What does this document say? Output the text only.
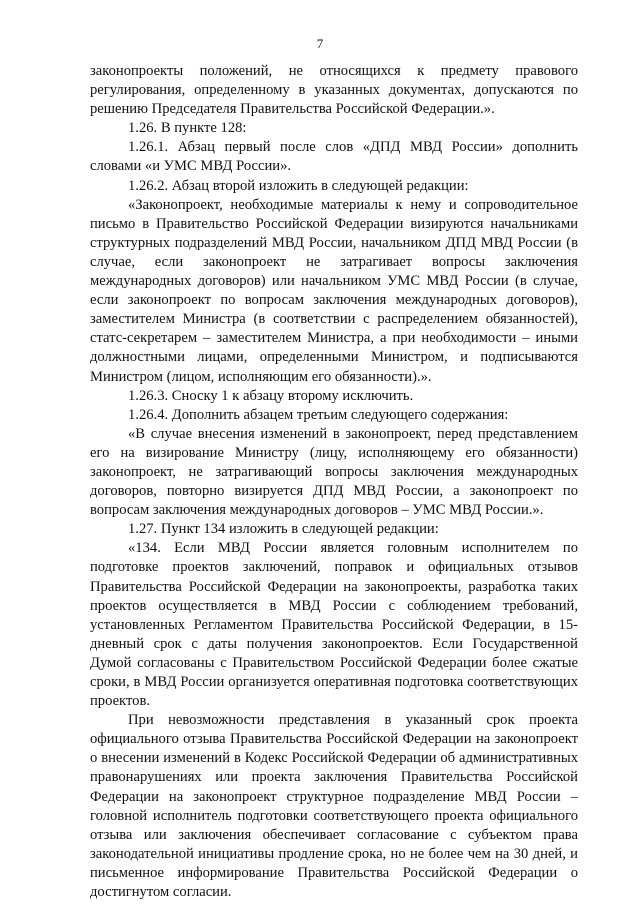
7

законопроекты положений, не относящихся к предмету правового регулирования, определенному в указанных документах, допускаются по решению Председателя Правительства Российской Федерации.».

1.26. В пункте 128:

1.26.1. Абзац первый после слов «ДПД МВД России» дополнить словами «и УМС МВД России».

1.26.2. Абзац второй изложить в следующей редакции:

«Законопроект, необходимые материалы к нему и сопроводительное письмо в Правительство Российской Федерации визируются начальниками структурных подразделений МВД России, начальником ДПД МВД России (в случае, если законопроект не затрагивает вопросы заключения международных договоров) или начальником УМС МВД России (в случае, если законопроект по вопросам заключения международных договоров), заместителем Министра (в соответствии с распределением обязанностей), статс-секретарем – заместителем Министра, а при необходимости – иными должностными лицами, определенными Министром, и подписываются Министром (лицом, исполняющим его обязанности).».

1.26.3. Сноску 1 к абзацу второму исключить.

1.26.4. Дополнить абзацем третьим следующего содержания:

«В случае внесения изменений в законопроект, перед представлением его на визирование Министру (лицу, исполняющему его обязанности) законопроект, не затрагивающий вопросы заключения международных договоров, повторно визируется ДПД МВД России, а законопроект по вопросам заключения международных договоров – УМС МВД России.».

1.27. Пункт 134 изложить в следующей редакции:

«134. Если МВД России является головным исполнителем по подготовке проектов заключений, поправок и официальных отзывов Правительства Российской Федерации на законопроекты, разработка таких проектов осуществляется в МВД России с соблюдением требований, установленных Регламентом Правительства Российской Федерации, в 15-дневный срок с даты получения законопроектов. Если Государственной Думой согласованы с Правительством Российской Федерации более сжатые сроки, в МВД России организуется оперативная подготовка соответствующих проектов.

При невозможности представления в указанный срок проекта официального отзыва Правительства Российской Федерации на законопроект о внесении изменений в Кодекс Российской Федерации об административных правонарушениях или проекта заключения Правительства Российской Федерации на законопроект структурное подразделение МВД России – головной исполнитель подготовки соответствующего проекта официального отзыва или заключения обеспечивает согласование с субъектом права законодательной инициативы продление срока, но не более чем на 30 дней, и письменное информирование Правительства Российской Федерации о достигнутом согласии.
